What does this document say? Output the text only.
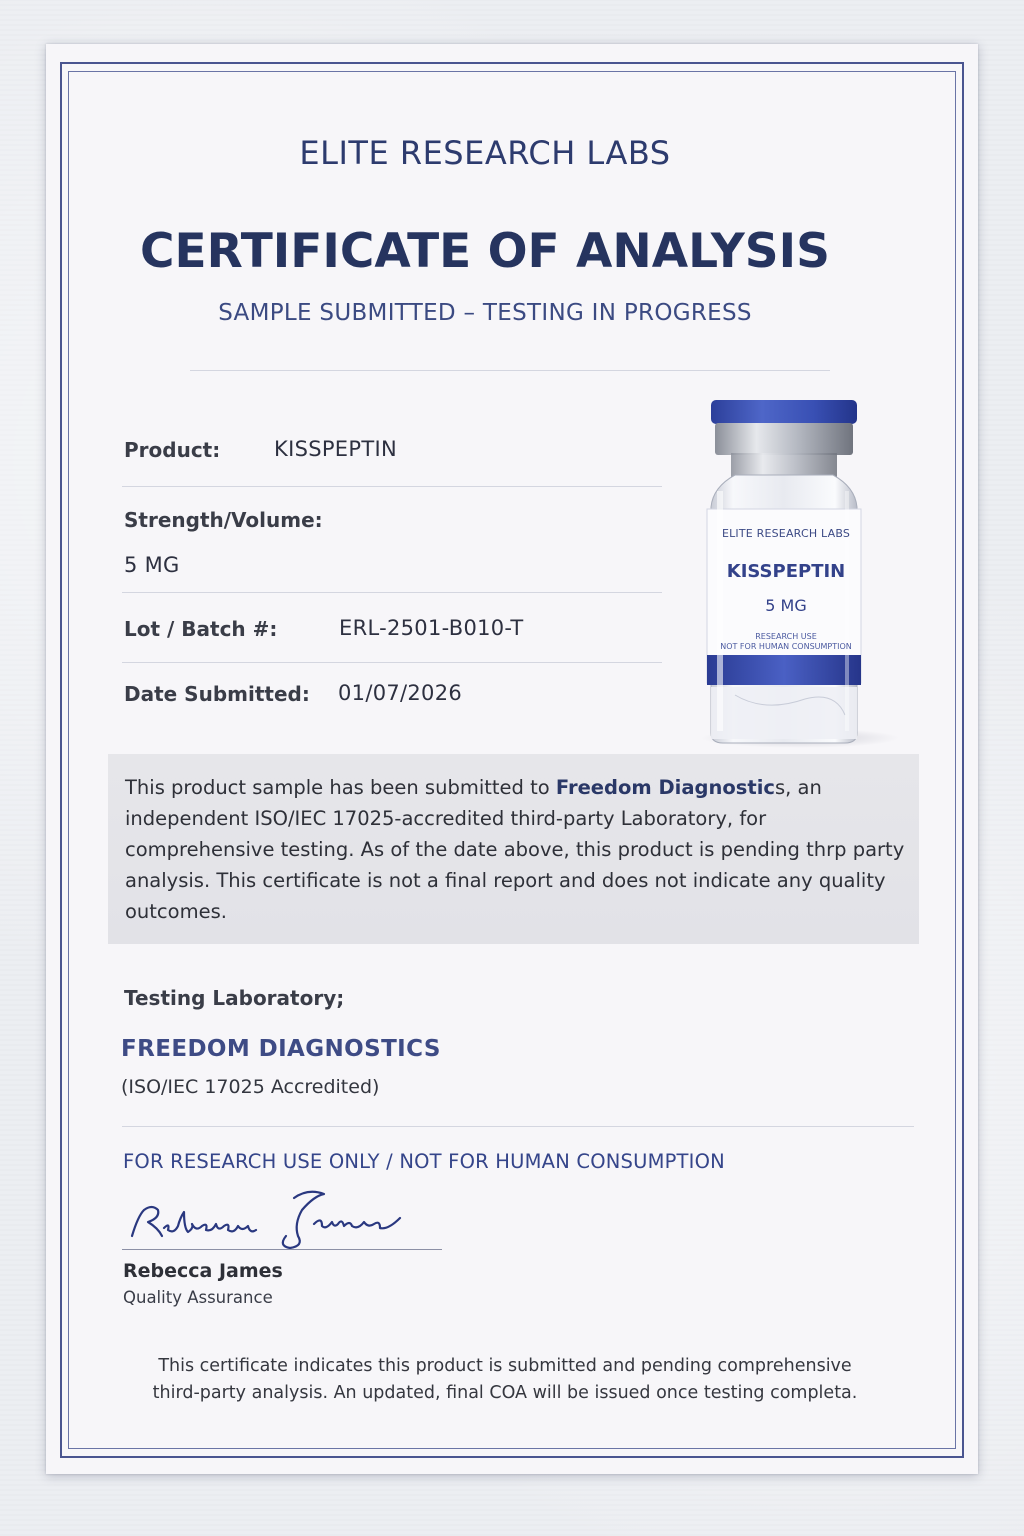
ELITE RESEARCH LABS
CERTIFICATE OF ANALYSIS
SAMPLE SUBMITTED – TESTING IN PROGRESS
Product:	KISSPEPTIN
Strength/Volume:
5 MG
Lot / Batch #:	ERL-2501-B010-T
Date Submitted: 01/07/2026
ELITE RESEARCH LABS
KISSPEPTIN
5 MG
RESEARCH USE
NOT FOR HUMAN CONSUMPTION
This product sample has been submitted to Freedom Diagnostics, an independent ISO/IEC 17025-accredited third-party Laboratory, for comprehensive testing. As of the date above, this product is pending thrp party analysis. This certificate is not a final report and does not indicate any quality outcomes.
Testing Laboratory;
FREEDOM DIAGNOSTICS
(ISO/IEC 17025 Accredited)
FOR RESEARCH USE ONLY / NOT FOR HUMAN CONSUMPTION
Rebecca James
Quality Assurance
This certificate indicates this product is submitted and pending comprehensive
third-party analysis. An updated, final COA will be issued once testing completa.
